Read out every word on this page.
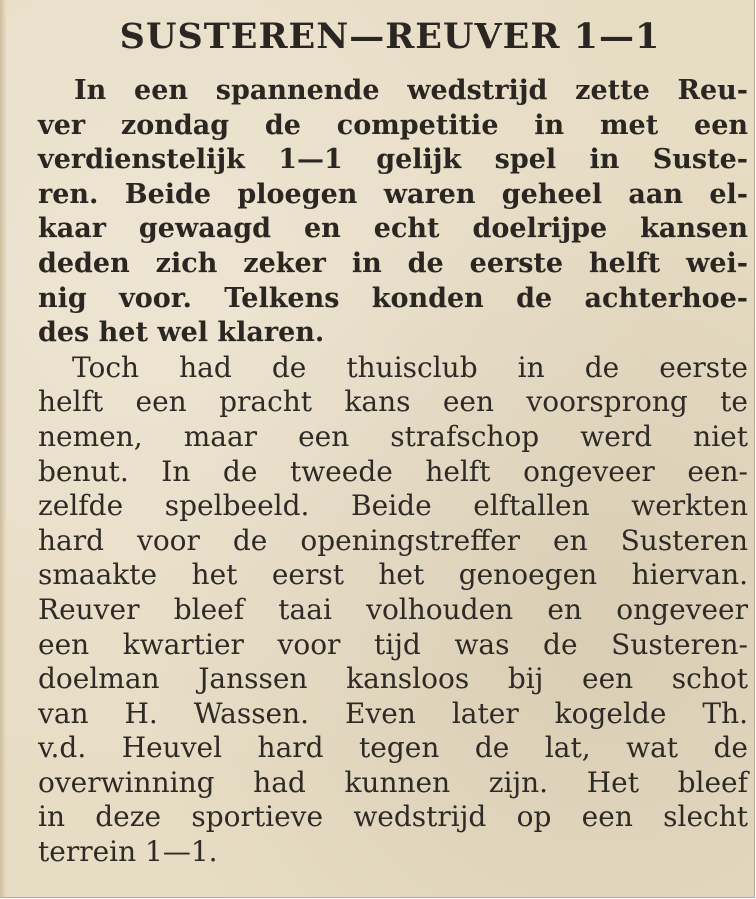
SUSTEREN—REUVER 1—1
In een spannende wedstrijd zette Reu-
ver zondag de competitie in met een
verdienstelijk 1—1 gelijk spel in Suste-
ren. Beide ploegen waren geheel aan el-
kaar gewaagd en echt doelrijpe kansen
deden zich zeker in de eerste helft wei-
nig voor. Telkens konden de achterhoe-
des het wel klaren.
Toch had de thuisclub in de eerste
helft een pracht kans een voorsprong te
nemen, maar een strafschop werd niet
benut. In de tweede helft ongeveer een-
zelfde spelbeeld. Beide elftallen werkten
hard voor de openingstreffer en Susteren
smaakte het eerst het genoegen hiervan.
Reuver bleef taai volhouden en ongeveer
een kwartier voor tijd was de Susteren-
doelman Janssen kansloos bij een schot
van H. Wassen. Even later kogelde Th.
v.d. Heuvel hard tegen de lat, wat de
overwinning had kunnen zijn. Het bleef
in deze sportieve wedstrijd op een slecht
terrein 1—1.
